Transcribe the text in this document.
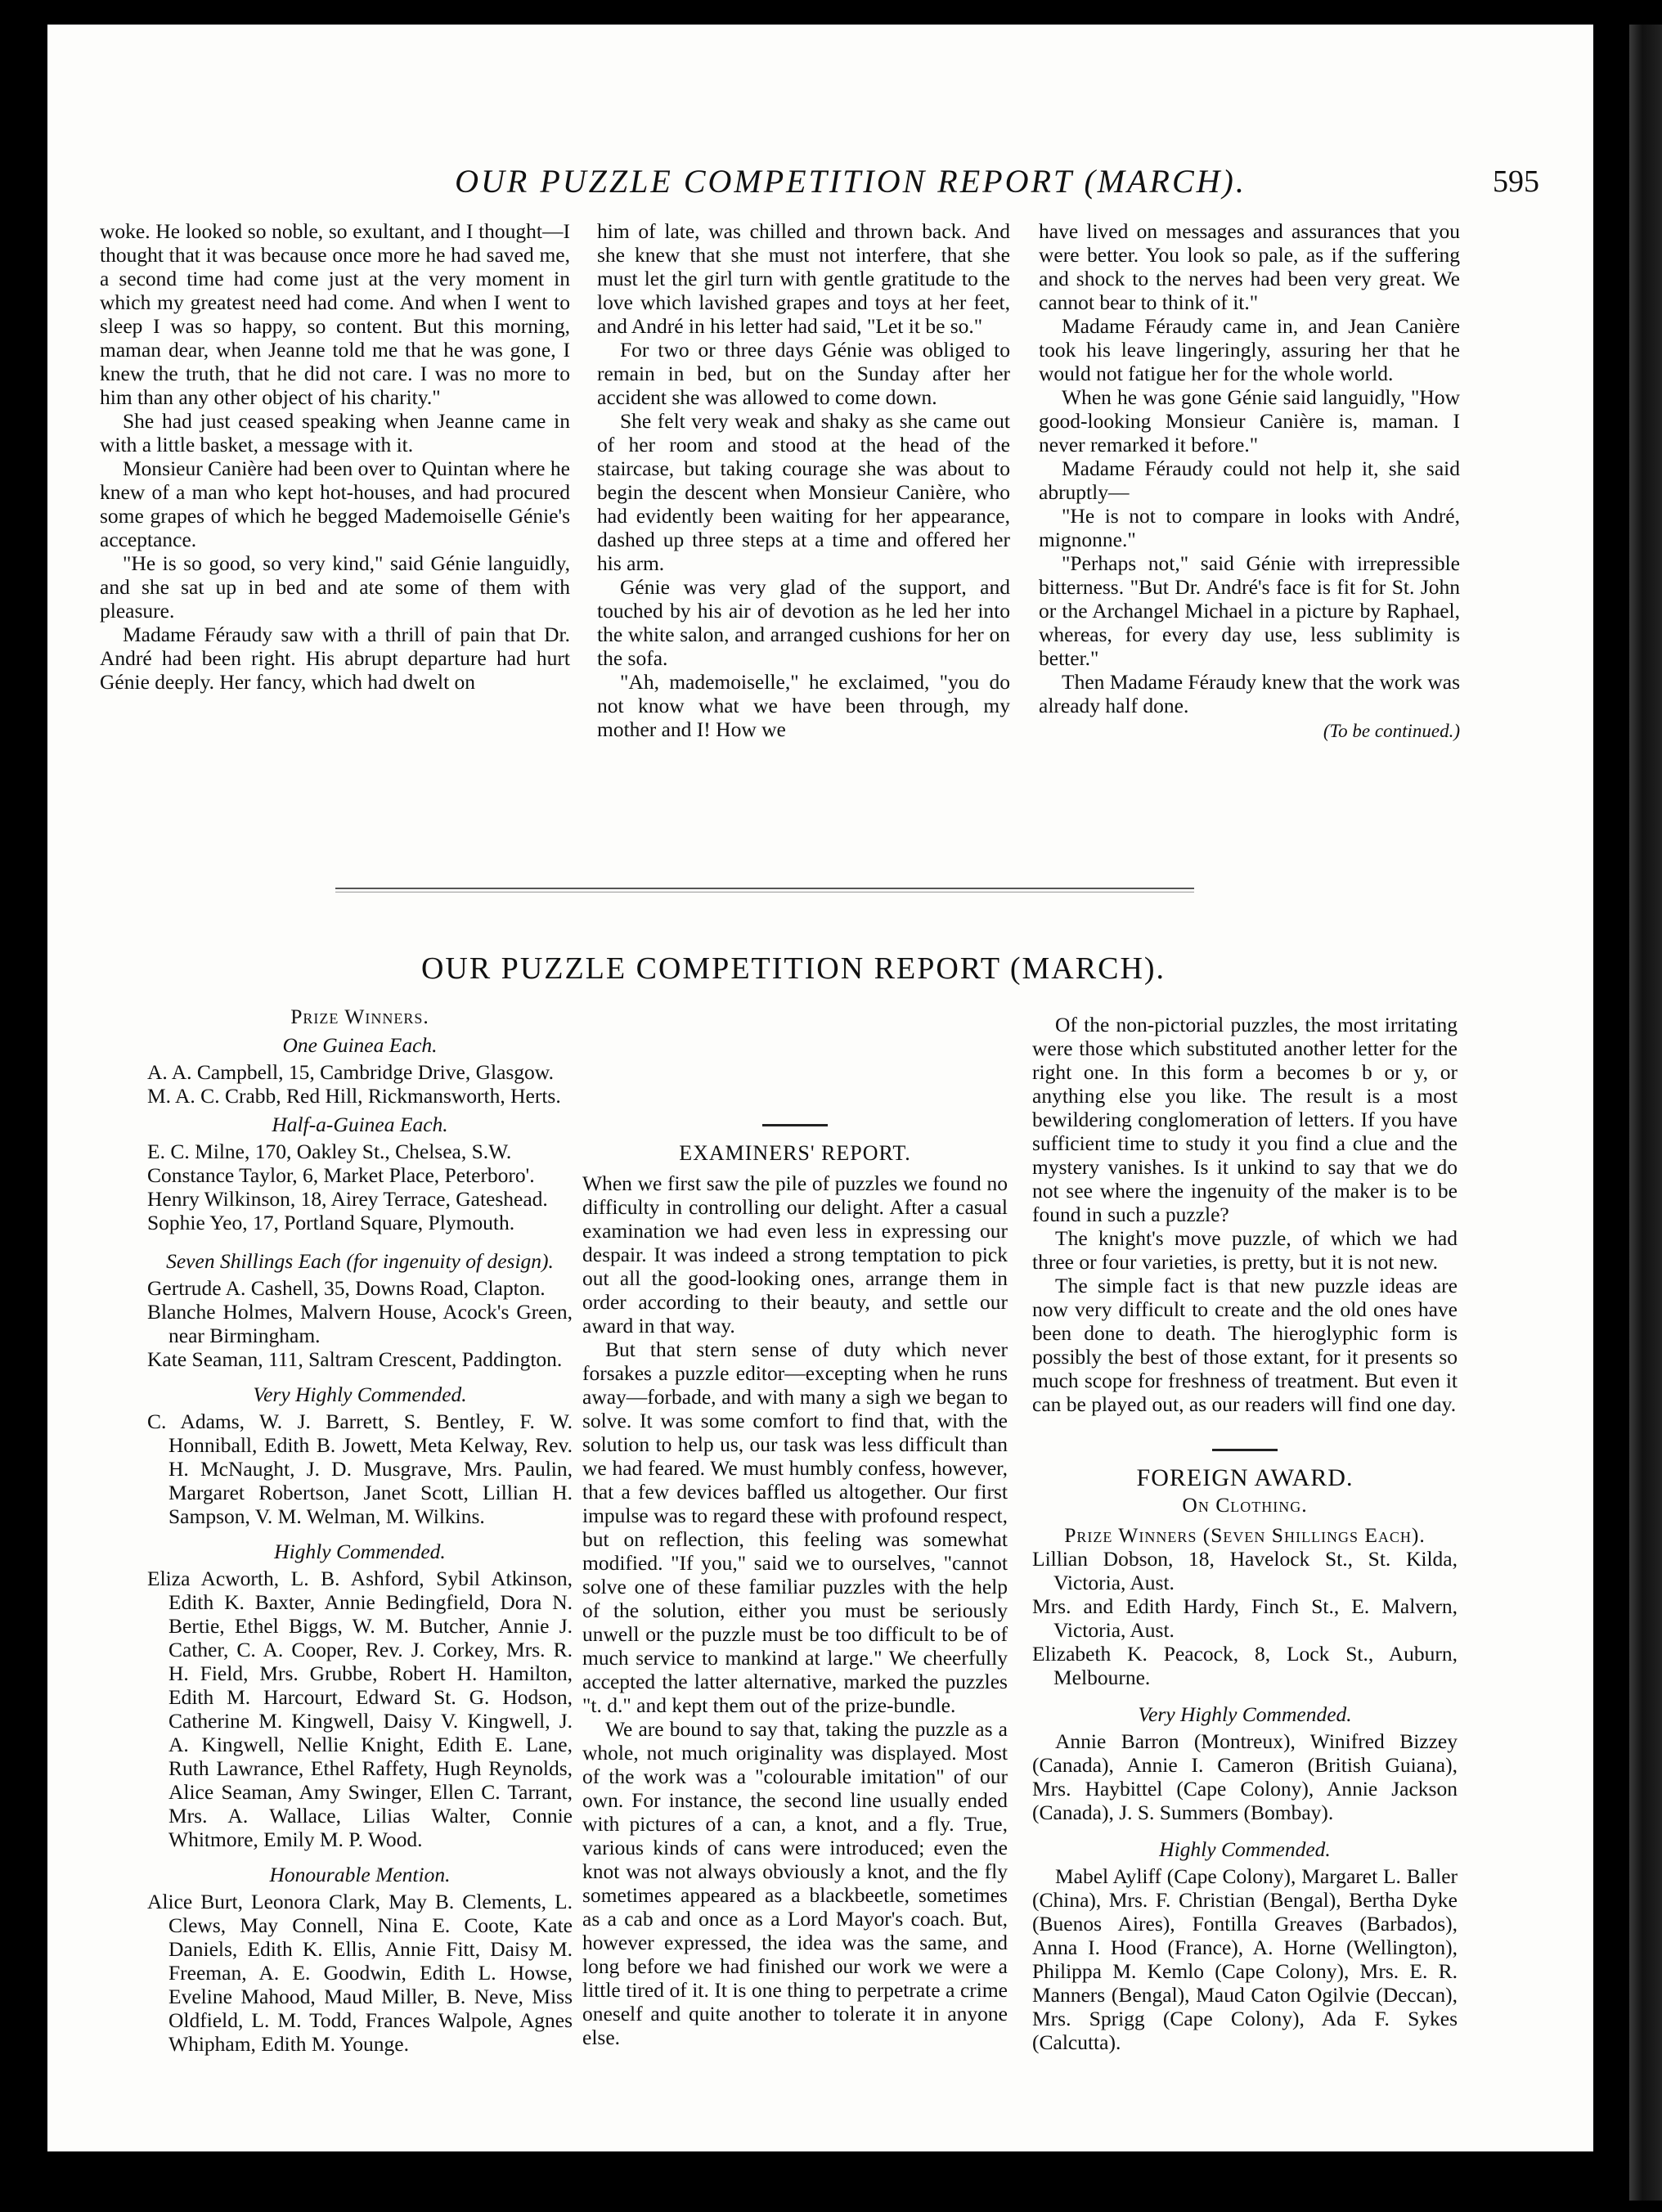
OUR PUZZLE COMPETITION REPORT (MARCH).	595

woke. He looked so noble, so exultant, and I thought—I thought that it was because once more he had saved me, a second time had come just at the very moment in which my greatest need had come. And when I went to sleep I was so happy, so content. But this morning, maman dear, when Jeanne told me that he was gone, I knew the truth, that he did not care. I was no more to him than any other object of his charity."

She had just ceased speaking when Jeanne came in with a little basket, a message with it.

Monsieur Canière had been over to Quintan where he knew of a man who kept hot-houses, and had procured some grapes of which he begged Mademoiselle Génie's acceptance.

"He is so good, so very kind," said Génie languidly, and she sat up in bed and ate some of them with pleasure.

Madame Féraudy saw with a thrill of pain that Dr. André had been right. His abrupt departure had hurt Génie deeply. Her fancy, which had dwelt on

him of late, was chilled and thrown back. And she knew that she must not interfere, that she must let the girl turn with gentle gratitude to the love which lavished grapes and toys at her feet, and André in his letter had said, "Let it be so."

For two or three days Génie was obliged to remain in bed, but on the Sunday after her accident she was allowed to come down.

She felt very weak and shaky as she came out of her room and stood at the head of the staircase, but taking courage she was about to begin the descent when Monsieur Canière, who had evidently been waiting for her appearance, dashed up three steps at a time and offered her his arm.

Génie was very glad of the support, and touched by his air of devotion as he led her into the white salon, and arranged cushions for her on the sofa.

"Ah, mademoiselle," he exclaimed, "you do not know what we have been through, my mother and I! How we

have lived on messages and assurances that you were better. You look so pale, as if the suffering and shock to the nerves had been very great. We cannot bear to think of it."

Madame Féraudy came in, and Jean Canière took his leave lingeringly, assuring her that he would not fatigue her for the whole world.

When he was gone Génie said languidly, "How good-looking Monsieur Canière is, maman. I never remarked it before."

Madame Féraudy could not help it, she said abruptly—

"He is not to compare in looks with André, mignonne."

"Perhaps not," said Génie with irrepressible bitterness. "But Dr. André's face is fit for St. John or the Archangel Michael in a picture by Raphael, whereas, for every day use, less sublimity is better."

Then Madame Féraudy knew that the work was already half done.

(To be continued.)
OUR PUZZLE COMPETITION REPORT (MARCH).
Prize Winners.
One Guinea Each.
A. A. Campbell, 15, Cambridge Drive, Glasgow.
M. A. C. Crabb, Red Hill, Rickmansworth, Herts.
Half-a-Guinea Each.
E. C. Milne, 170, Oakley St., Chelsea, S.W.
Constance Taylor, 6, Market Place, Peterboro'.
Henry Wilkinson, 18, Airey Terrace, Gateshead.
Sophie Yeo, 17, Portland Square, Plymouth.
Seven Shillings Each (for ingenuity of design).
Gertrude A. Cashell, 35, Downs Road, Clapton.
Blanche Holmes, Malvern House, Acock's Green, near Birmingham.
Kate Seaman, 111, Saltram Crescent, Paddington.
Very Highly Commended.
C. Adams, W. J. Barrett, S. Bentley, F. W. Honniball, Edith B. Jowett, Meta Kelway, Rev. H. McNaught, J. D. Musgrave, Mrs. Paulin, Margaret Robertson, Janet Scott, Lillian H. Sampson, V. M. Welman, M. Wilkins.
Highly Commended.
Eliza Acworth, L. B. Ashford, Sybil Atkinson, Edith K. Baxter, Annie Bedingfield, Dora N. Bertie, Ethel Biggs, W. M. Butcher, Annie J. Cather, C. A. Cooper, Rev. J. Corkey, Mrs. R. H. Field, Mrs. Grubbe, Robert H. Hamilton, Edith M. Harcourt, Edward St. G. Hodson, Catherine M. Kingwell, Daisy V. Kingwell, J. A. Kingwell, Nellie Knight, Edith E. Lane, Ruth Lawrance, Ethel Raffety, Hugh Reynolds, Alice Seaman, Amy Swinger, Ellen C. Tarrant, Mrs. A. Wallace, Lilias Walter, Connie Whitmore, Emily M. P. Wood.
Honourable Mention.
Alice Burt, Leonora Clark, May B. Clements, L. Clews, May Connell, Nina E. Coote, Kate Daniels, Edith K. Ellis, Annie Fitt, Daisy M. Freeman, A. E. Goodwin, Edith L. Howse, Eveline Mahood, Maud Miller, B. Neve, Miss Oldfield, L. M. Todd, Frances Walpole, Agnes Whipham, Edith M. Younge.
EXAMINERS' REPORT.

When we first saw the pile of puzzles we found no difficulty in controlling our delight. After a casual examination we had even less in expressing our despair. It was indeed a strong temptation to pick out all the good-looking ones, arrange them in order according to their beauty, and settle our award in that way.

But that stern sense of duty which never forsakes a puzzle editor—excepting when he runs away—forbade, and with many a sigh we began to solve. It was some comfort to find that, with the solution to help us, our task was less difficult than we had feared. We must humbly confess, however, that a few devices baffled us altogether. Our first impulse was to regard these with profound respect, but on reflection, this feeling was somewhat modified. "If you," said we to ourselves, "cannot solve one of these familiar puzzles with the help of the solution, either you must be seriously unwell or the puzzle must be too difficult to be of much service to mankind at large." We cheerfully accepted the latter alternative, marked the puzzles "t. d." and kept them out of the prize-bundle.

We are bound to say that, taking the puzzle as a whole, not much originality was displayed. Most of the work was a "colourable imitation" of our own. For instance, the second line usually ended with pictures of a can, a knot, and a fly. True, various kinds of cans were introduced; even the knot was not always obviously a knot, and the fly sometimes appeared as a blackbeetle, sometimes as a cab and once as a Lord Mayor's coach. But, however expressed, the idea was the same, and long before we had finished our work we were a little tired of it. It is one thing to perpetrate a crime oneself and quite another to tolerate it in anyone else.

Of the non-pictorial puzzles, the most irritating were those which substituted another letter for the right one. In this form a becomes b or y, or anything else you like. The result is a most bewildering conglomeration of letters. If you have sufficient time to study it you find a clue and the mystery vanishes. Is it unkind to say that we do not see where the ingenuity of the maker is to be found in such a puzzle?

The knight's move puzzle, of which we had three or four varieties, is pretty, but it is not new.

The simple fact is that new puzzle ideas are now very difficult to create and the old ones have been done to death. The hieroglyphic form is possibly the best of those extant, for it presents so much scope for freshness of treatment. But even it can be played out, as our readers will find one day.

FOREIGN AWARD.
On Clothing.
Prize Winners (Seven Shillings Each).
Lillian Dobson, 18, Havelock St., St. Kilda, Victoria, Aust.
Mrs. and Edith Hardy, Finch St., E. Malvern, Victoria, Aust.
Elizabeth K. Peacock, 8, Lock St., Auburn, Melbourne.
Very Highly Commended.

Annie Barron (Montreux), Winifred Bizzey (Canada), Annie I. Cameron (British Guiana), Mrs. Haybittel (Cape Colony), Annie Jackson (Canada), J. S. Summers (Bombay).

Highly Commended.

Mabel Ayliff (Cape Colony), Margaret L. Baller (China), Mrs. F. Christian (Bengal), Bertha Dyke (Buenos Aires), Fontilla Greaves (Barbados), Anna I. Hood (France), A. Horne (Wellington), Philippa M. Kemlo (Cape Colony), Mrs. E. R. Manners (Bengal), Maud Caton Ogilvie (Deccan), Mrs. Sprigg (Cape Colony), Ada F. Sykes (Calcutta).
